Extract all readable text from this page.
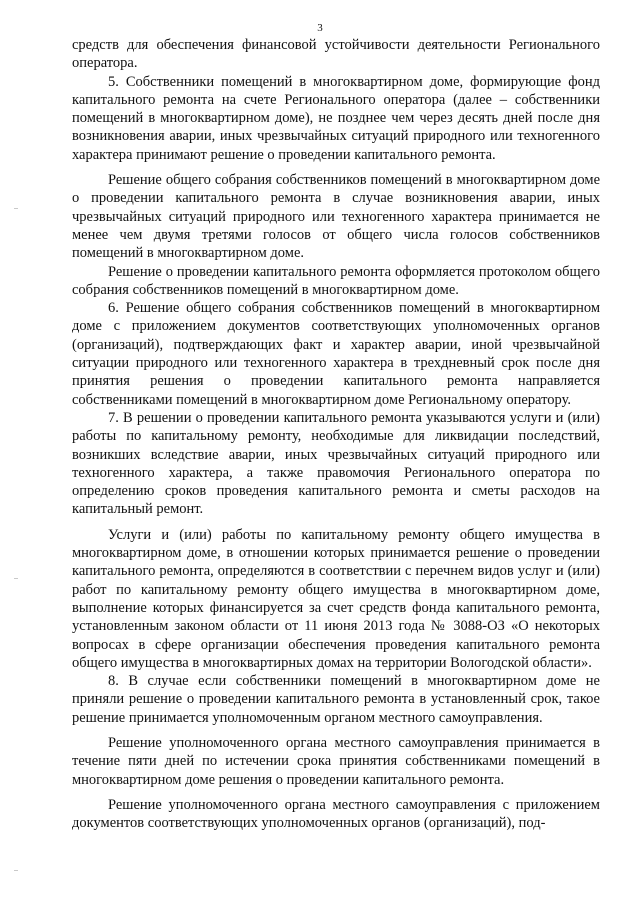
3

средств для обеспечения финансовой устойчивости деятельности Регионального оператора.

5. Собственники помещений в многоквартирном доме, формирующие фонд капитального ремонта на счете Регионального оператора (далее – собственники помещений в многоквартирном доме), не позднее чем через десять дней после дня возникновения аварии, иных чрезвычайных ситуаций природного или техногенного характера принимают решение о проведении капитального ремонта.

Решение общего собрания собственников помещений в многоквартирном доме о проведении капитального ремонта в случае возникновения аварии, иных чрезвычайных ситуаций природного или техногенного характера принимается не менее чем двумя третями голосов от общего числа голосов собственников помещений в многоквартирном доме.

Решение о проведении капитального ремонта оформляется протоколом общего собрания собственников помещений в многоквартирном доме.

6. Решение общего собрания собственников помещений в многоквартирном доме с приложением документов соответствующих уполномоченных органов (организаций), подтверждающих факт и характер аварии, иной чрезвычайной ситуации природного или техногенного характера в трехдневный срок после дня принятия решения о проведении капитального ремонта направляется собственниками помещений в многоквартирном доме Региональному оператору.

7. В решении о проведении капитального ремонта указываются услуги и (или) работы по капитальному ремонту, необходимые для ликвидации последствий, возникших вследствие аварии, иных чрезвычайных ситуаций природного или техногенного характера, а также правомочия Регионального оператора по определению сроков проведения капитального ремонта и сметы расходов на капитальный ремонт.

Услуги и (или) работы по капитальному ремонту общего имущества в многоквартирном доме, в отношении которых принимается решение о проведении капитального ремонта, определяются в соответствии с перечнем видов услуг и (или) работ по капитальному ремонту общего имущества в многоквартирном доме, выполнение которых финансируется за счет средств фонда капитального ремонта, установленным законом области от 11 июня 2013 года № 3088-ОЗ «О некоторых вопросах в сфере организации обеспечения проведения капитального ремонта общего имущества в многоквартирных домах на территории Вологодской области».

8. В случае если собственники помещений в многоквартирном доме не приняли решение о проведении капитального ремонта в установленный срок, такое решение принимается уполномоченным органом местного самоуправления.

Решение уполномоченного органа местного самоуправления принимается в течение пяти дней по истечении срока принятия собственниками помещений в многоквартирном доме решения о проведении капитального ремонта.

Решение уполномоченного органа местного самоуправления с приложением документов соответствующих уполномоченных органов (организаций), под-
